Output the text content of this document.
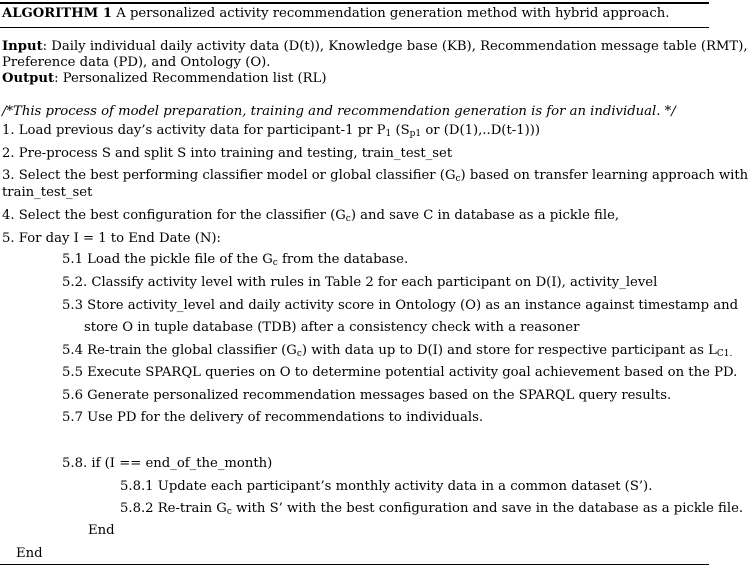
ALGORITHM 1 A personalized activity recommendation generation method with hybrid approach.
Input: Daily individual daily activity data (D(t)), Knowledge base (KB), Recommendation message table (RMT),
Preference data (PD), and Ontology (O).
Output: Personalized Recommendation list (RL)
/*This process of model preparation, training and recommendation generation is for an individual. */
1. Load previous day’s activity data for participant-1 pr $P_1$ ($S_{p1}$ or (D(1),..D(t-1)))
2. Pre-process S and split S into training and testing, train_test_set
3. Select the best performing classifier model or global classifier $(G_c)$ based on transfer learning approach with
train_test_set
4. Select the best configuration for the classifier $(G_c)$ and save C in database as a pickle file,
5. For day I = 1 to End Date (N):
5.1 Load the pickle file of the $G_c$ from the database.
5.2. Classify activity level with rules in Table 2 for each participant on D(I), activity_level
5.3 Store activity_level and daily activity score in Ontology (O) as an instance against timestamp and
store O in tuple database (TDB) after a consistency check with a reasoner
5.4 Re-train the global classifier $(G_c)$ with data up to D(I) and store for respective participant as $L_{C1.}$
5.5 Execute SPARQL queries on O to determine potential activity goal achievement based on the PD.
5.6 Generate personalized recommendation messages based on the SPARQL query results.
5.7 Use PD for the delivery of recommendations to individuals.
5.8. if (I == end_of_the_month)
5.8.1 Update each participant’s monthly activity data in a common dataset (S’).
5.8.2 Re-train $G_c$ with S’ with the best configuration and save in the database as a pickle file.
End
End
